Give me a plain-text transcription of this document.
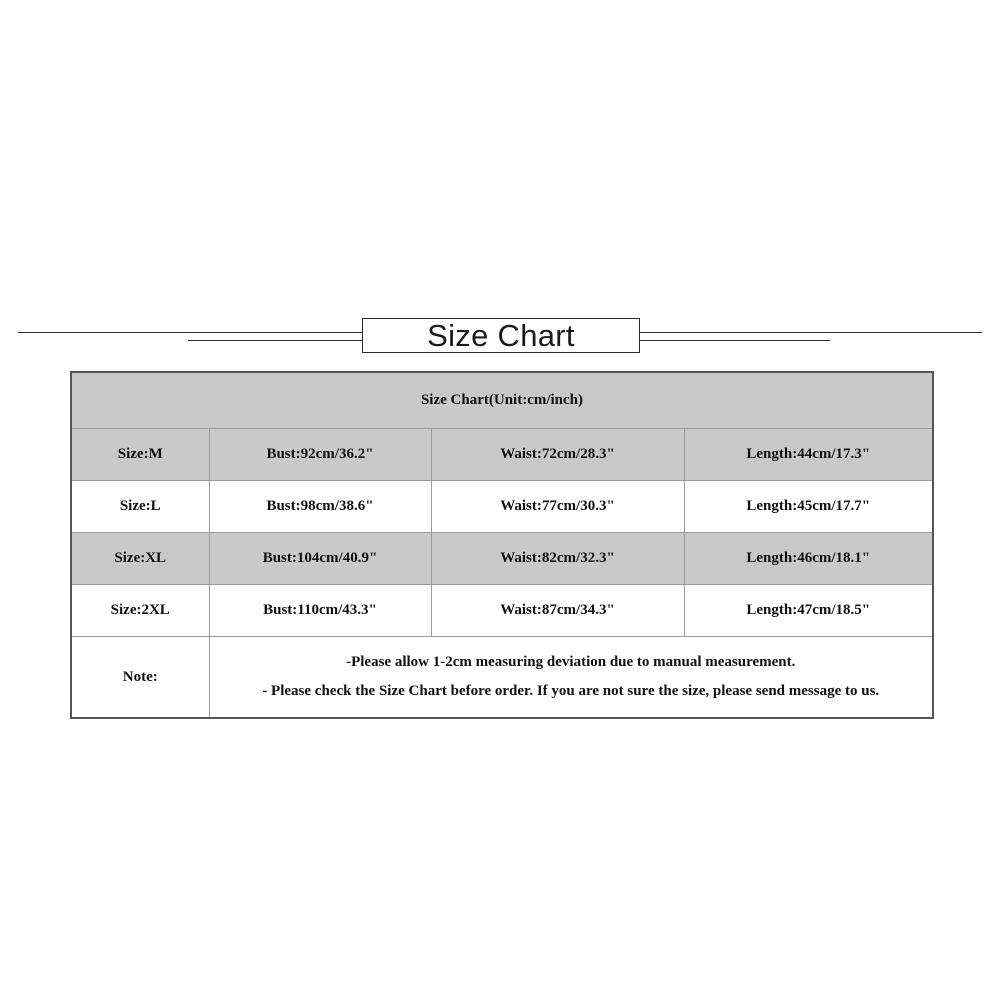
Size Chart
Size Chart(Unit:cm/inch)			
Size:M	Bust:92cm/36.2"	Waist:72cm/28.3"	Length:44cm/17.3"
Size:L	Bust:98cm/38.6"	Waist:77cm/30.3"	Length:45cm/17.7"
Size:XL	Bust:104cm/40.9"	Waist:82cm/32.3"	Length:46cm/18.1"
Size:2XL	Bust:110cm/43.3"	Waist:87cm/34.3"	Length:47cm/18.5"
Note:	-Please allow 1-2cm measuring deviation due to manual measurement.
- Please check the Size Chart before order. If you are not sure the size, please send message to us.		
